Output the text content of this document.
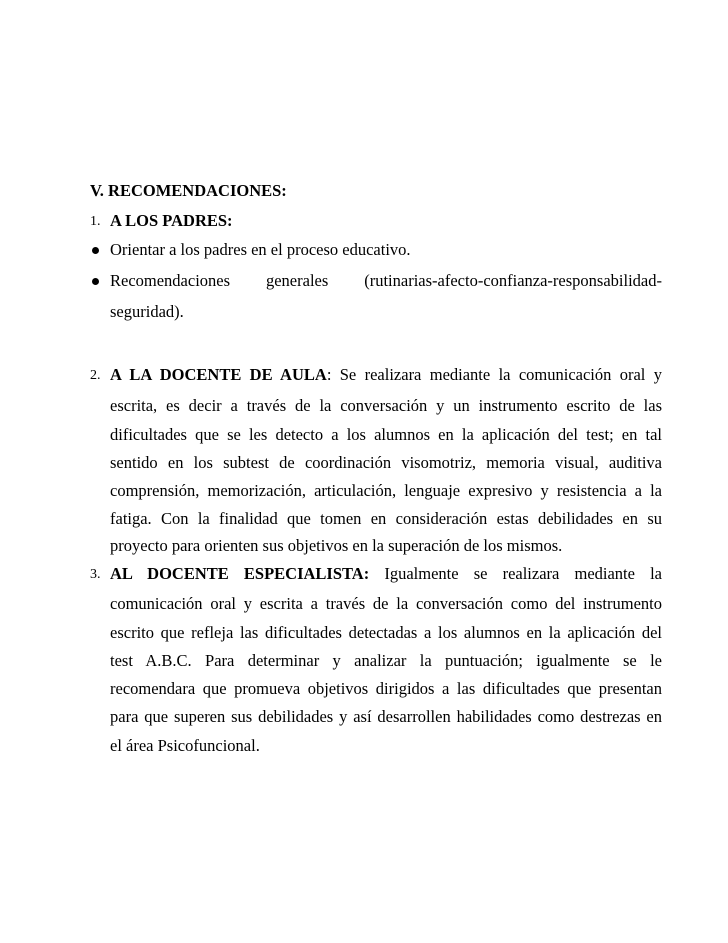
V. RECOMENDACIONES:
1. A LOS PADRES:
Orientar a los padres en el proceso educativo.
Recomendaciones generales (rutinarias-afecto-confianza-responsabilidad-
seguridad).
2. A LA DOCENTE DE AULA: Se realizara mediante la comunicación oral y
escrita, es decir a través de la conversación y un instrumento escrito de las
dificultades que se les detecto a los alumnos en la aplicación del test; en tal
sentido en los subtest de coordinación visomotriz, memoria visual, auditiva
comprensión, memorización, articulación, lenguaje expresivo y resistencia a la
fatiga. Con la finalidad que tomen en consideración estas debilidades en su
proyecto para orienten sus objetivos en la superación de los mismos.
3. AL DOCENTE ESPECIALISTA: Igualmente se realizara mediante la
comunicación oral y escrita a través de la conversación como del instrumento
escrito que refleja las dificultades detectadas a los alumnos en la aplicación del
test A.B.C. Para determinar y analizar la puntuación; igualmente se le
recomendara que promueva objetivos dirigidos a las dificultades que presentan
para que superen sus debilidades y así desarrollen habilidades como destrezas en
el área Psicofuncional.
